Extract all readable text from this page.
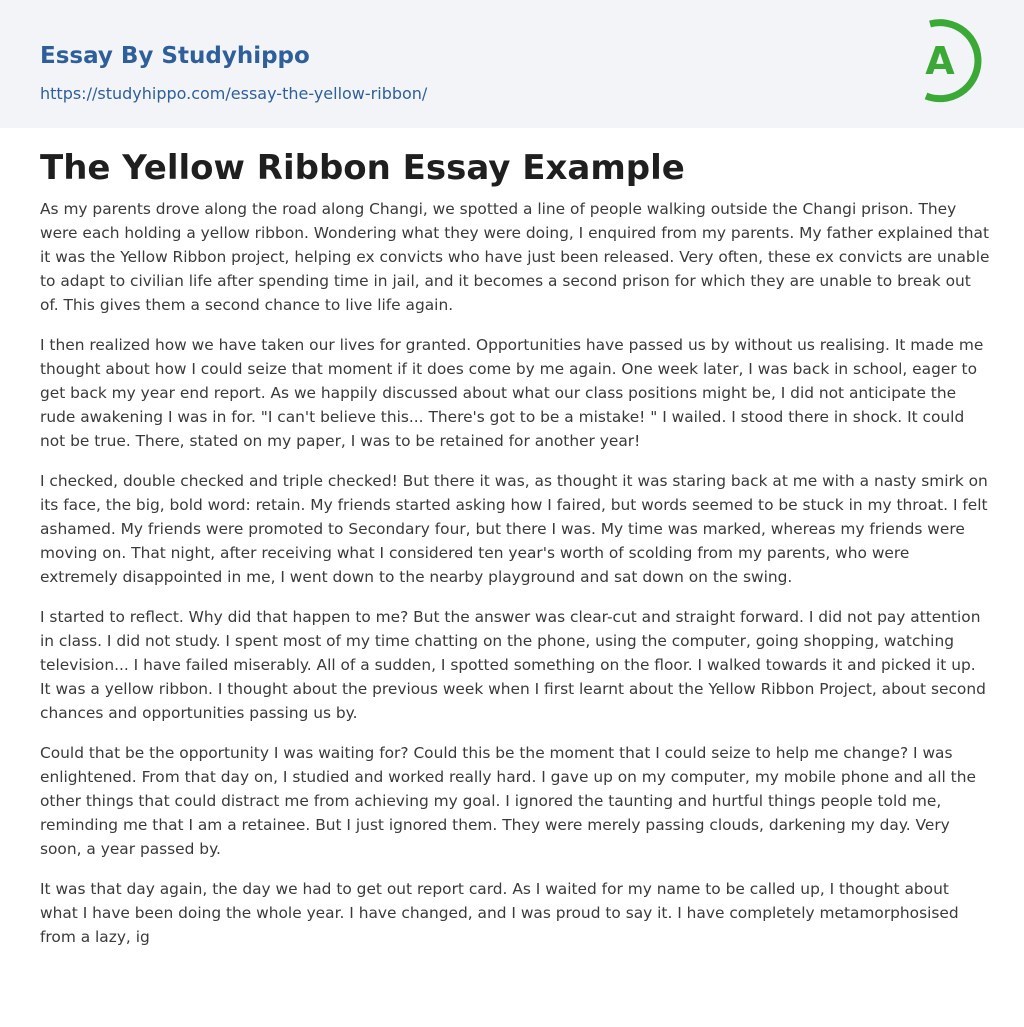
Essay By Studyhippo
https://studyhippo.com/essay-the-yellow-ribbon/
A
The Yellow Ribbon Essay Example

As my parents drove along the road along Changi, we spotted a line of people walking outside the Changi prison. They were each holding a yellow ribbon. Wondering what they were doing, I enquired from my parents. My father explained that it was the Yellow Ribbon project, helping ex convicts who have just been released. Very often, these ex convicts are unable to adapt to civilian life after spending time in jail, and it becomes a second prison for which they are unable to break out of. This gives them a second chance to live life again.

I then realized how we have taken our lives for granted. Opportunities have passed us by without us realising. It made me thought about how I could seize that moment if it does come by me again. One week later, I was back in school, eager to get back my year end report. As we happily discussed about what our class positions might be, I did not anticipate the rude awakening I was in for. "I can't believe this... There's got to be a mistake! " I wailed. I stood there in shock. It could not be true. There, stated on my paper, I was to be retained for another year!

I checked, double checked and triple checked! But there it was, as thought it was staring back at me with a nasty smirk on its face, the big, bold word: retain. My friends started asking how I faired, but words seemed to be stuck in my throat. I felt ashamed. My friends were promoted to Secondary four, but there I was. My time was marked, whereas my friends were moving on. That night, after receiving what I considered ten year's worth of scolding from my parents, who were extremely disappointed in me, I went down to the nearby playground and sat down on the swing.

I started to reflect. Why did that happen to me? But the answer was clear-cut and straight forward. I did not pay attention in class. I did not study. I spent most of my time chatting on the phone, using the computer, going shopping, watching television... I have failed miserably. All of a sudden, I spotted something on the floor. I walked towards it and picked it up. It was a yellow ribbon. I thought about the previous week when I first learnt about the Yellow Ribbon Project, about second chances and opportunities passing us by.

Could that be the opportunity I was waiting for? Could this be the moment that I could seize to help me change? I was enlightened. From that day on, I studied and worked really hard. I gave up on my computer, my mobile phone and all the other things that could distract me from achieving my goal. I ignored the taunting and hurtful things people told me, reminding me that I am a retainee. But I just ignored them. They were merely passing clouds, darkening my day. Very soon, a year passed by.

It was that day again, the day we had to get out report card. As I waited for my name to be called up, I thought about what I have been doing the whole year. I have changed, and I was proud to say it. I have completely metamorphosised from a lazy, ig
